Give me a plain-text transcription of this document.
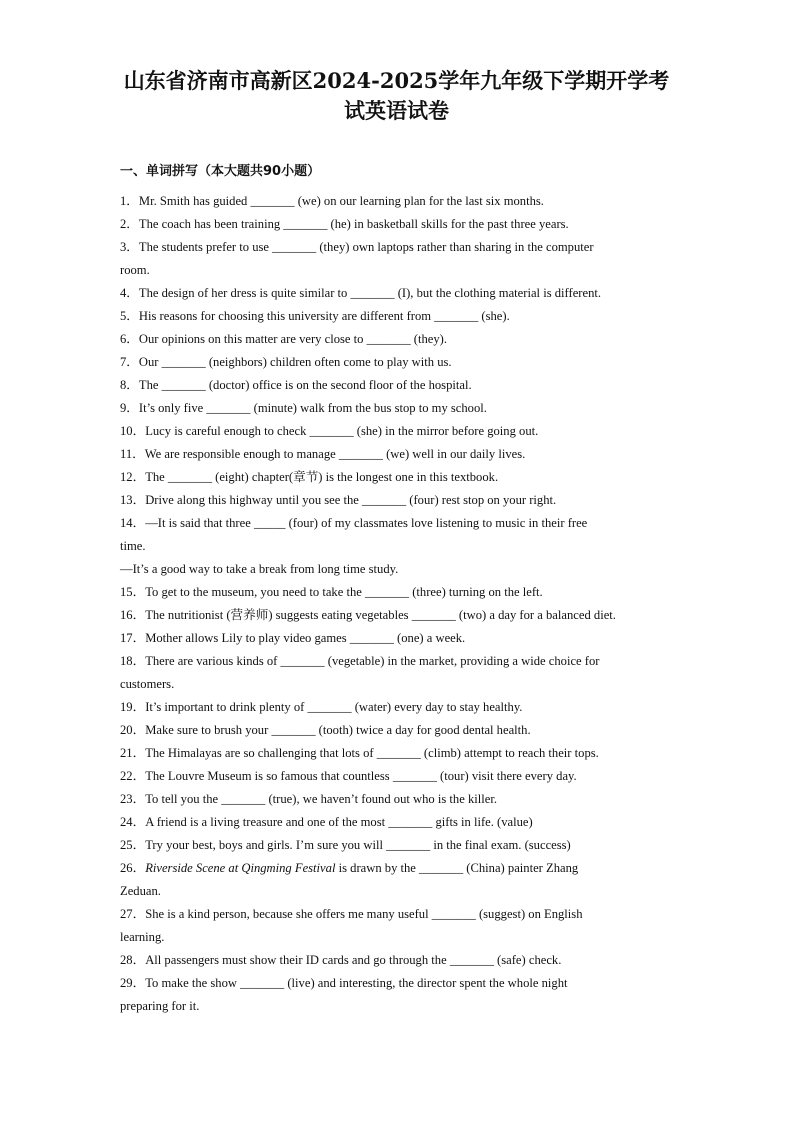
山东省济南市高新区2024-2025学年九年级下学期开学考
试英语试卷
一、单词拼写（本大题共90小题）
1．Mr. Smith has guided _______ (we) on our learning plan for the last six months.
2．The coach has been training _______ (he) in basketball skills for the past three years.
3．The students prefer to use _______ (they) own laptops rather than sharing in the computer
room.
4．The design of her dress is quite similar to _______ (I), but the clothing material is different.
5．His reasons for choosing this university are different from _______ (she).
6．Our opinions on this matter are very close to _______ (they).
7．Our _______ (neighbors) children often come to play with us.
8．The _______ (doctor) office is on the second floor of the hospital.
9．It’s only five _______ (minute) walk from the bus stop to my school.
10．Lucy is careful enough to check _______ (she) in the mirror before going out.
11．We are responsible enough to manage _______ (we) well in our daily lives.
12．The _______ (eight) chapter(章节) is the longest one in this textbook.
13．Drive along this highway until you see the _______ (four) rest stop on your right.
14．—It is said that three _____ (four) of my classmates love listening to music in their free
time.
—It’s a good way to take a break from long time study.
15．To get to the museum, you need to take the _______ (three) turning on the left.
16．The nutritionist (营养师) suggests eating vegetables _______ (two) a day for a balanced diet.
17．Mother allows Lily to play video games _______ (one) a week.
18．There are various kinds of _______ (vegetable) in the market, providing a wide choice for
customers.
19．It’s important to drink plenty of _______ (water) every day to stay healthy.
20．Make sure to brush your _______ (tooth) twice a day for good dental health.
21．The Himalayas are so challenging that lots of _______ (climb) attempt to reach their tops.
22．The Louvre Museum is so famous that countless _______ (tour) visit there every day.
23．To tell you the _______ (true), we haven’t found out who is the killer.
24．A friend is a living treasure and one of the most _______ gifts in life. (value)
25．Try your best, boys and girls. I’m sure you will _______ in the final exam. (success)
26．Riverside Scene at Qingming Festival is drawn by the _______ (China) painter Zhang
Zeduan.
27．She is a kind person, because she offers me many useful _______ (suggest) on English
learning.
28．All passengers must show their ID cards and go through the _______ (safe) check.
29．To make the show _______ (live) and interesting, the director spent the whole night
preparing for it.
